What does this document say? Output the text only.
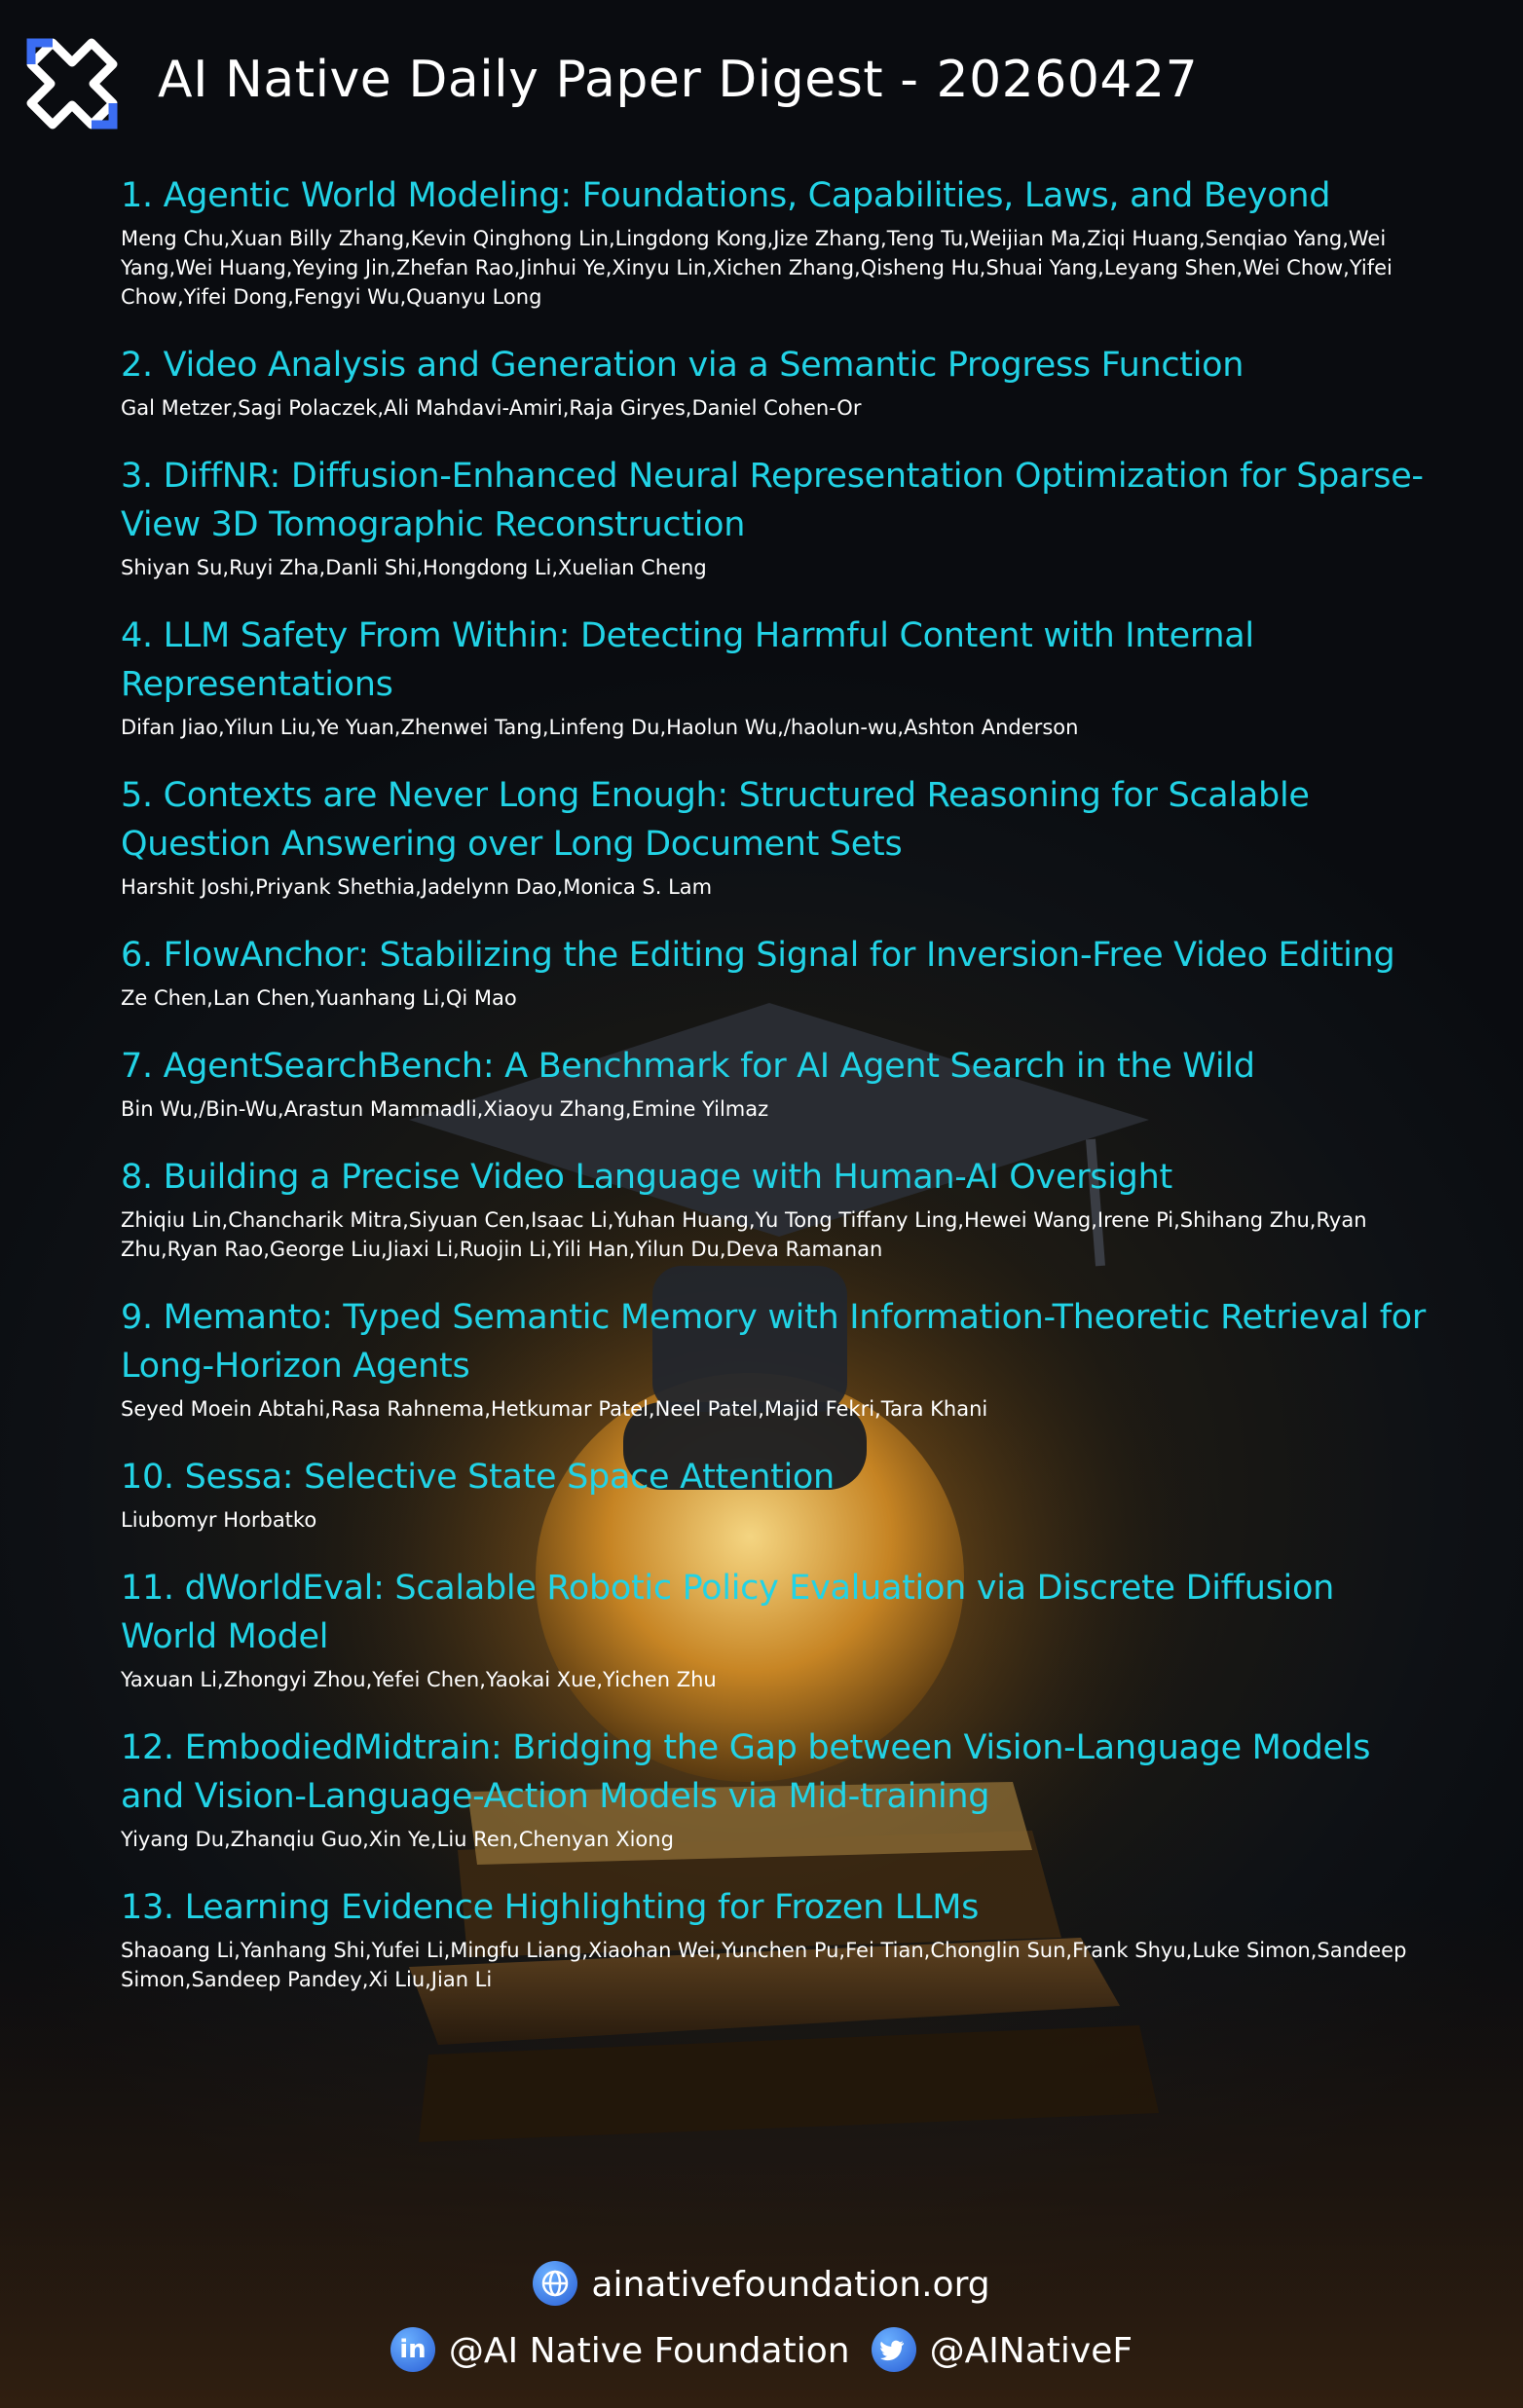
AI Native Daily Paper Digest - 20260427
1. Agentic World Modeling: Foundations, Capabilities, Laws, and Beyond
Meng Chu,Xuan Billy Zhang,Kevin Qinghong Lin,Lingdong Kong,Jize Zhang,Teng Tu,Weijian Ma,Ziqi Huang,Senqiao Yang,Wei Yang,Wei Huang,Yeying Jin,Zhefan Rao,Jinhui Ye,Xinyu Lin,Xichen Zhang,Qisheng Hu,Shuai Yang,Leyang Shen,Wei Chow,Yifei Chow,Yifei Dong,Fengyi Wu,Quanyu Long
2. Video Analysis and Generation via a Semantic Progress Function
Gal Metzer,Sagi Polaczek,Ali Mahdavi-Amiri,Raja Giryes,Daniel Cohen-Or
3. DiffNR: Diffusion-Enhanced Neural Representation Optimization for Sparse-View 3D Tomographic Reconstruction
Shiyan Su,Ruyi Zha,Danli Shi,Hongdong Li,Xuelian Cheng
4. LLM Safety From Within: Detecting Harmful Content with Internal Representations
Difan Jiao,Yilun Liu,Ye Yuan,Zhenwei Tang,Linfeng Du,Haolun Wu,/haolun-wu,Ashton Anderson
5. Contexts are Never Long Enough: Structured Reasoning for Scalable Question Answering over Long Document Sets
Harshit Joshi,Priyank Shethia,Jadelynn Dao,Monica S. Lam
6. FlowAnchor: Stabilizing the Editing Signal for Inversion-Free Video Editing
Ze Chen,Lan Chen,Yuanhang Li,Qi Mao
7. AgentSearchBench: A Benchmark for AI Agent Search in the Wild
Bin Wu,/Bin-Wu,Arastun Mammadli,Xiaoyu Zhang,Emine Yilmaz
8. Building a Precise Video Language with Human-AI Oversight
Zhiqiu Lin,Chancharik Mitra,Siyuan Cen,Isaac Li,Yuhan Huang,Yu Tong Tiffany Ling,Hewei Wang,Irene Pi,Shihang Zhu,Ryan Zhu,Ryan Rao,George Liu,Jiaxi Li,Ruojin Li,Yili Han,Yilun Du,Deva Ramanan
9. Memanto: Typed Semantic Memory with Information-Theoretic Retrieval for Long-Horizon Agents
Seyed Moein Abtahi,Rasa Rahnema,Hetkumar Patel,Neel Patel,Majid Fekri,Tara Khani
10. Sessa: Selective State Space Attention
Liubomyr Horbatko
11. dWorldEval: Scalable Robotic Policy Evaluation via Discrete Diffusion World Model
Yaxuan Li,Zhongyi Zhou,Yefei Chen,Yaokai Xue,Yichen Zhu
12. EmbodiedMidtrain: Bridging the Gap between Vision-Language Models and Vision-Language-Action Models via Mid-training
Yiyang Du,Zhanqiu Guo,Xin Ye,Liu Ren,Chenyan Xiong
13. Learning Evidence Highlighting for Frozen LLMs
Shaoang Li,Yanhang Shi,Yufei Li,Mingfu Liang,Xiaohan Wei,Yunchen Pu,Fei Tian,Chonglin Sun,Frank Shyu,Luke Simon,Sandeep Simon,Sandeep Pandey,Xi Liu,Jian Li
ainativefoundation.org
in @AI Native Foundation @AINativeF
